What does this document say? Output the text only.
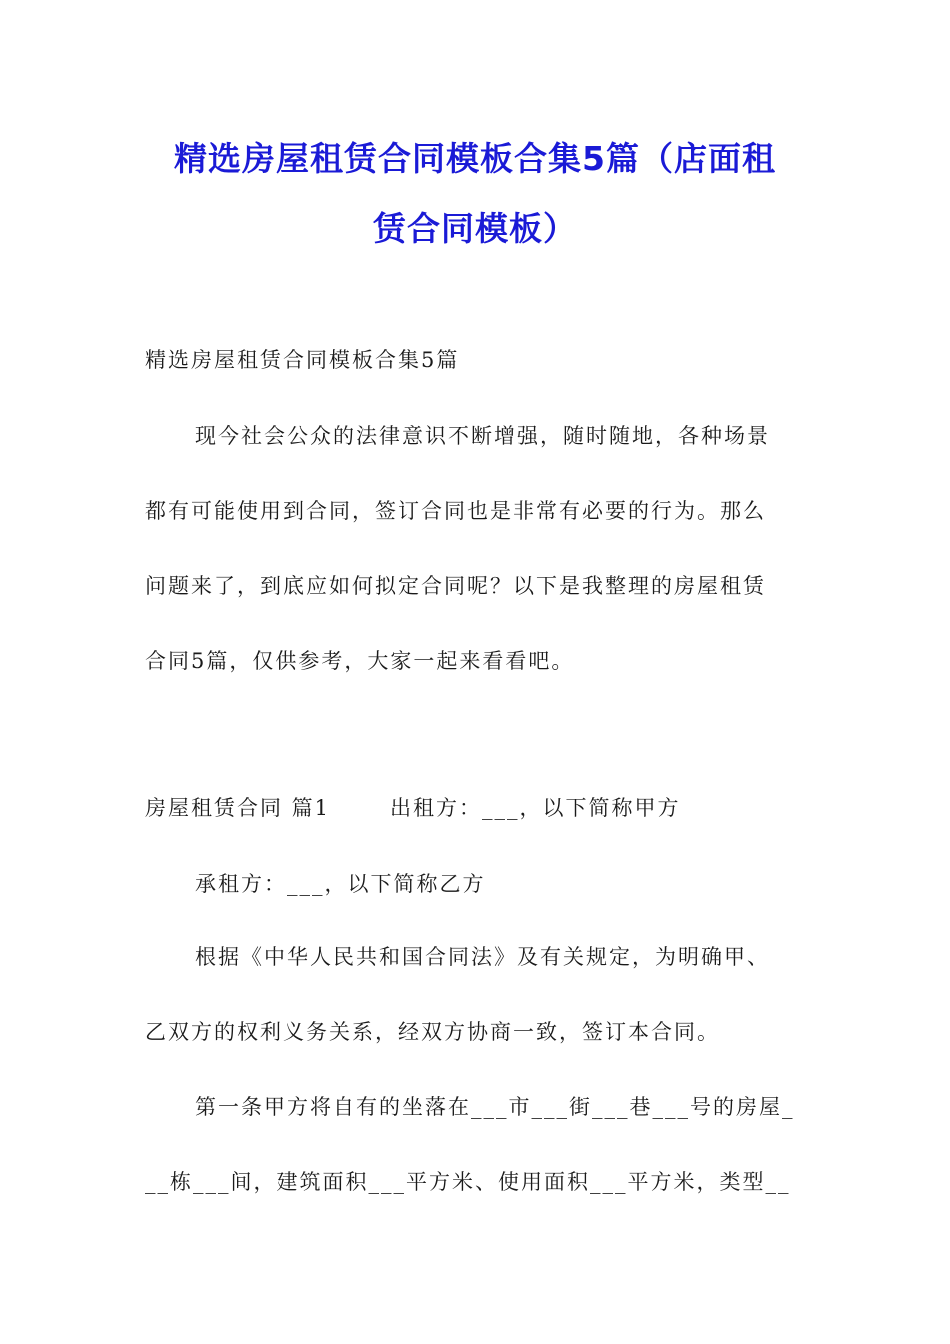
精选房屋租赁合同模板合集5篇（店面租
赁合同模板）
精选房屋租赁合同模板合集5篇
现今社会公众的法律意识不断增强，随时随地，各种场景
都有可能使用到合同，签订合同也是非常有必要的行为。那么
问题来了，到底应如何拟定合同呢？以下是我整理的房屋租赁
合同5篇，仅供参考，大家一起来看看吧。
房屋租赁合同 篇1	出租方：___，以下简称甲方
承租方：___，以下简称乙方
根据《中华人民共和国合同法》及有关规定，为明确甲、
乙双方的权利义务关系，经双方协商一致，签订本合同。
第一条甲方将自有的坐落在___市___街___巷___号的房屋_
__栋___间，建筑面积___平方米、使用面积___平方米，类型__
